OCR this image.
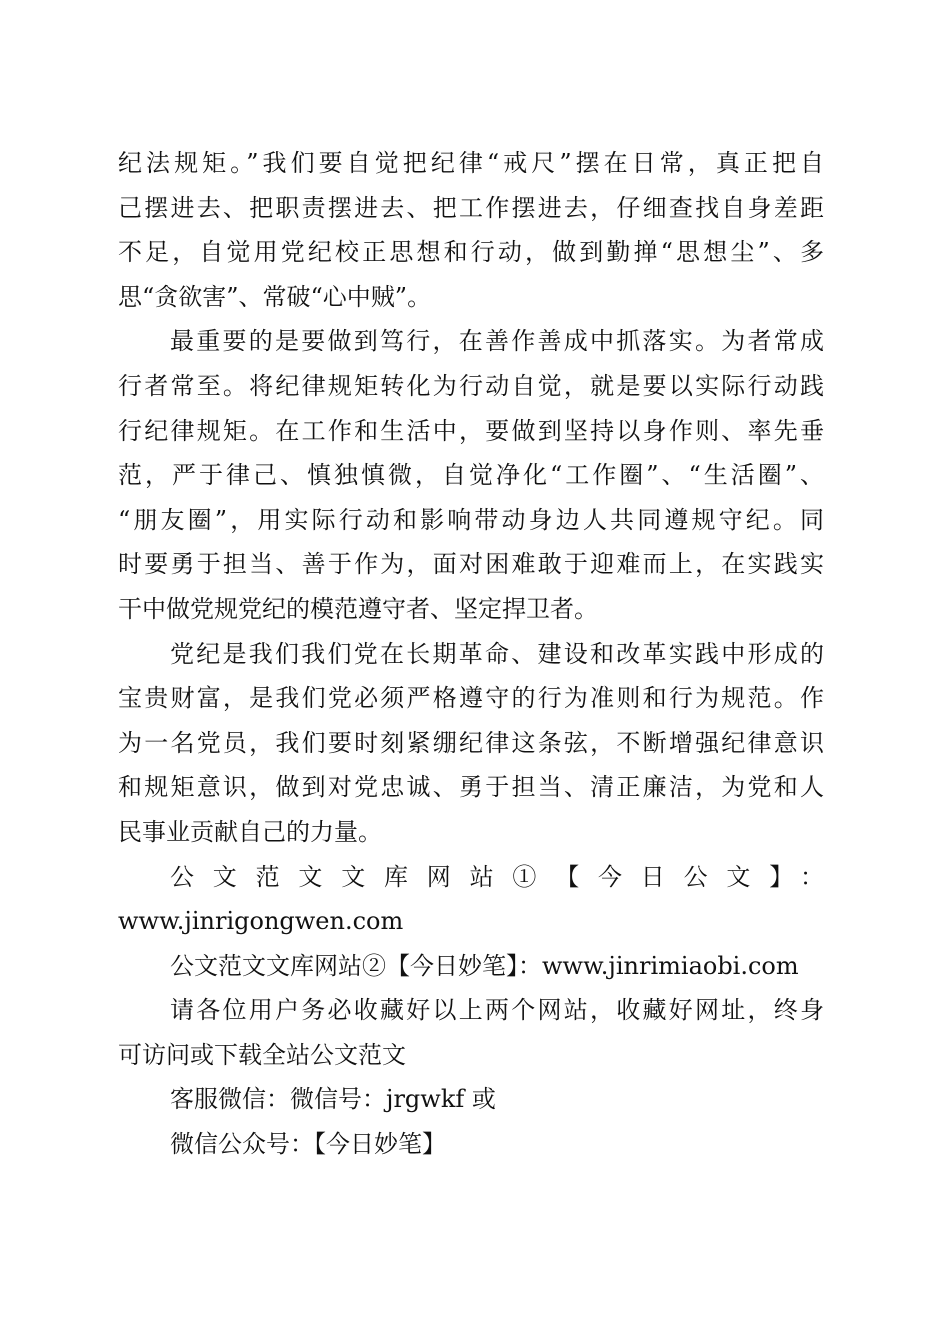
纪法规矩。”我们要自觉把纪律“戒尺”摆在日常，真正把自
己摆进去、把职责摆进去、把工作摆进去，仔细查找自身差距
不足，自觉用党纪校正思想和行动，做到勤掸“思想尘”、多
思“贪欲害”、常破“心中贼”。
最重要的是要做到笃行，在善作善成中抓落实。为者常成
行者常至。将纪律规矩转化为行动自觉，就是要以实际行动践
行纪律规矩。在工作和生活中，要做到坚持以身作则、率先垂
范，严于律己、慎独慎微，自觉净化“工作圈”、“生活圈”、
“朋友圈”，用实际行动和影响带动身边人共同遵规守纪。同
时要勇于担当、善于作为，面对困难敢于迎难而上，在实践实
干中做党规党纪的模范遵守者、坚定捍卫者。
党纪是我们我们党在长期革命、建设和改革实践中形成的
宝贵财富，是我们党必须严格遵守的行为准则和行为规范。作
为一名党员，我们要时刻紧绷纪律这条弦，不断增强纪律意识
和规矩意识，做到对党忠诚、勇于担当、清正廉洁，为党和人
民事业贡献自己的力量。
公文范文文库网站①【今日公文】：
www.jinrigongwen.com
公文范文文库网站②【今日妙笔】：www.jinrimiaobi.com
请各位用户务必收藏好以上两个网站，收藏好网址，终身
可访问或下载全站公文范文
客服微信：微信号：jrgwkf 或
微信公众号：【今日妙笔】
